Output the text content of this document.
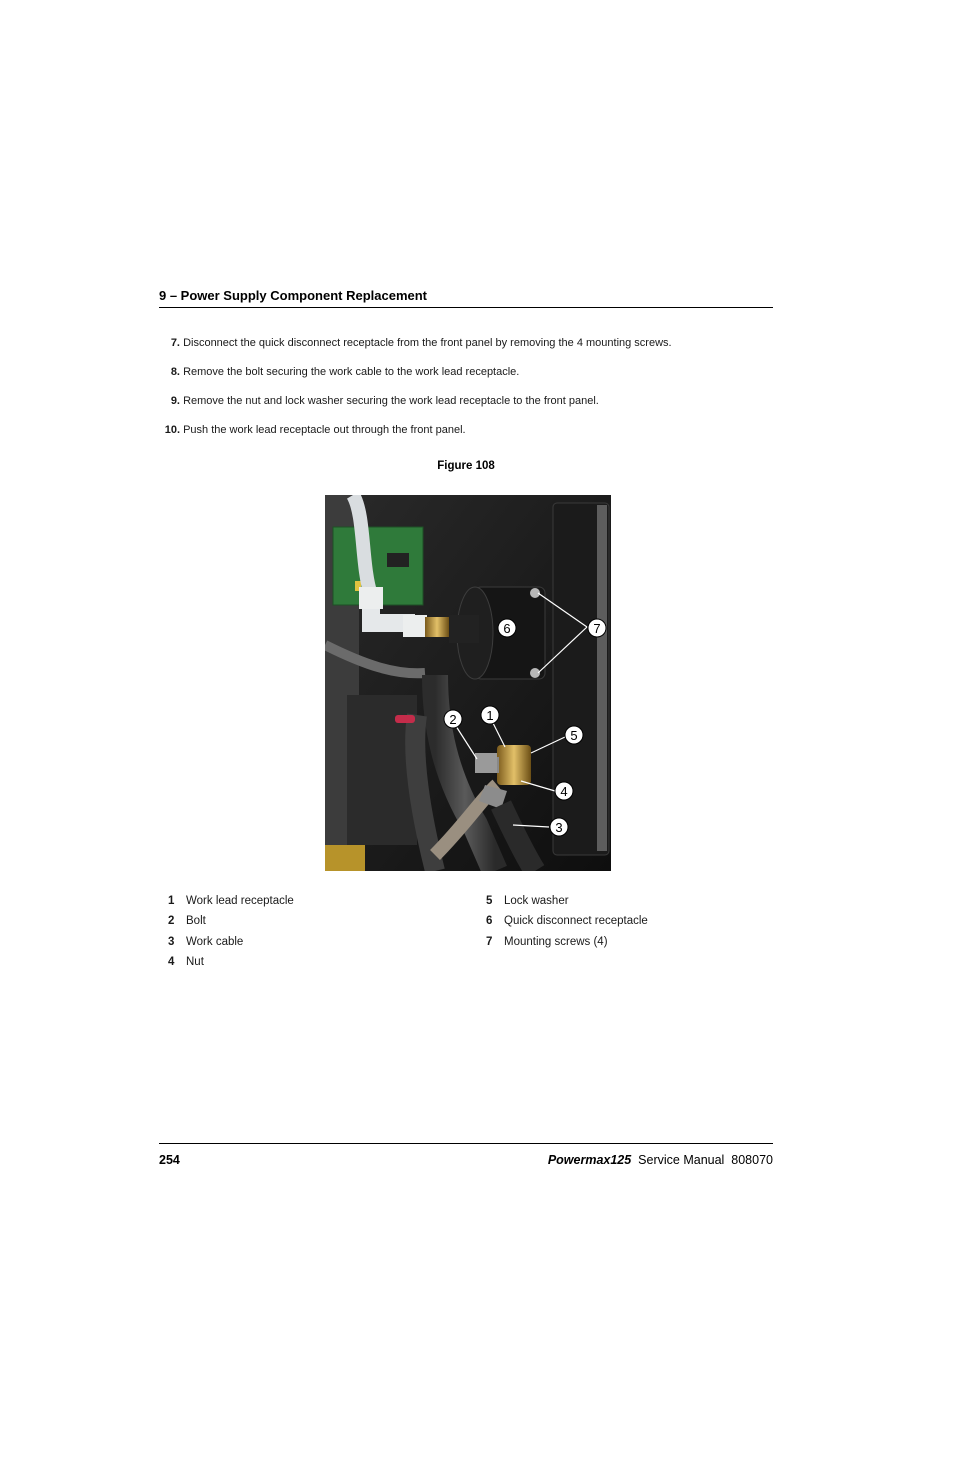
9 – Power Supply Component Replacement
7. Disconnect the quick disconnect receptacle from the front panel by removing the 4 mounting screws.
8. Remove the bolt securing the work cable to the work lead receptacle.
9. Remove the nut and lock washer securing the work lead receptacle to the front panel.
10. Push the work lead receptacle out through the front panel.
Figure 108
6	7
2 1
5
4
3
1 Work lead receptacle
2 Bolt
3 Work cable
4 Nut
5 Lock washer
6 Quick disconnect receptacle
7 Mounting screws (4)
254	Powermax125 Service Manual 808070
